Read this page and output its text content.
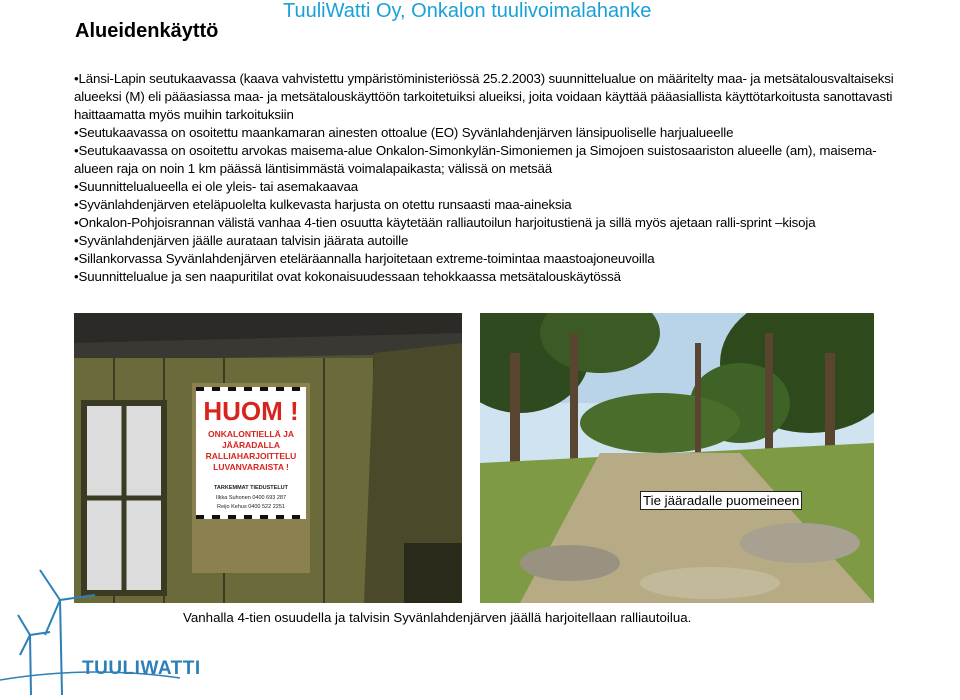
Alueidenkäyttö
TuuliWatti Oy, Onkalon tuulivoimalahanke
• Länsi-Lapin seutukaavassa (kaava vahvistettu ympäristöministeriössä 25.2.2003) suunnittelualue on määritelty maa- ja metsätalousvaltaiseksi alueeksi (M) eli pääasiassa maa- ja metsätalouskäyttöön tarkoitetuiksi alueiksi, joita voidaan käyttää pääasiallista käyttötarkoitusta sanottavasti haittaamatta myös muihin tarkoituksiin
• Seutukaavassa on osoitettu maankamaran ainesten ottoalue (EO) Syvänlahdenjärven länsipuoliselle harjualueelle
• Seutukaavassa on osoitettu arvokas maisema-alue Onkalon-Simonkylän-Simoniemen ja Simojoen suistosaariston alueelle (am), maisema-alueen raja on noin 1 km päässä läntisimmästä voimalapaikasta; välissä on metsää
• Suunnittelualueella ei ole yleis- tai asemakaavaa
• Syvänlahdenjärven eteläpuolelta kulkevasta harjusta on otettu runsaasti maa-aineksia
• Onkalon-Pohjoisrannan välistä vanhaa 4-tien osuutta käytetään ralliautoilun harjoitustienä ja sillä myös ajetaan ralli-sprint –kisoja
• Syvänlahdenjärven jäälle aurataan talvisin jäärata autoille
• Sillankorvassa Syvänlahdenjärven eteläräannalla harjoitetaan extreme-toimintaa maastoajoneuvoilla
• Suunnittelualue ja sen naapuritilat ovat kokonaisuudessaan tehokkaassa metsätalouskäytössä
HUOM !
ONKALONTIELLÄ JA
JÄÄRADALLA
RALLIAHARJOITTELU
LUVANVARAISTA !
TARKEMMAT TIEDUSTELUT
Ilkka Suhonen 0400 693 287
Reijo Kehus 0400 522 2251	Tie jääradalle puomeineen
TUULIWATTI
Vanhalla 4-tien osuudella ja talvisin Syvänlahdenjärven jäällä harjoitellaan ralliautoilua.
